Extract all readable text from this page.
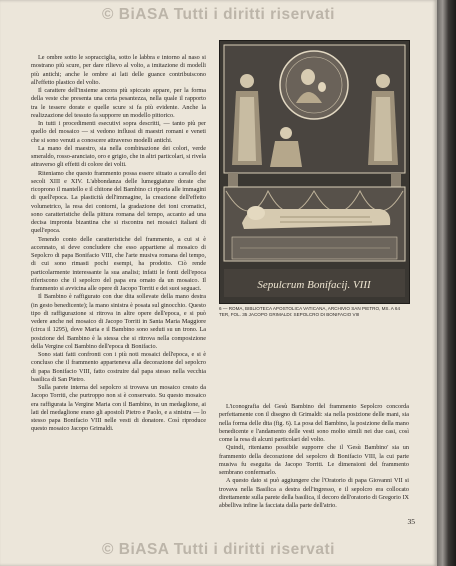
© BiASA Tutti i diritti riservati

Le ombre sotto le sopracciglia, sotto le labbra e intorno al naso si mostrano più scure, per dare rilievo al volto, a imitazione di modelli più antichi; anche le ombre ai lati delle guance contribuiscono all'effetto plastico del volto.

Il carattere dell'insieme ancora più spiccato appare, per la forma della veste che presenta una certa pesantezza, nella quale il rapporto tra le tessere dorate e quelle scure si fa più evidente. Anche la realizzazione del tessuto fa supporre un modello pittorico.

In tutti i procedimenti esecutivi sopra descritti, — tanto più per quello del mosaico — si vedono influssi di maestri romani e veneti che si sono venuti a conoscere attraverso modelli antichi.

La mano del maestro, sia nella combinazione dei colori, verde smeraldo, rosso-aranciato, oro e grigio, che in altri particolari, si rivela attraverso gli effetti di colore dei volti.

Riteniamo che questo frammento possa essere situato a cavallo dei secoli XIII e XIV. L'abbondanza delle lumeggiature dorate che ricoprono il mantello e il chitone del Bambino ci riporta alle immagini di quell'epoca. La plasticità dell'immagine, la creazione dell'effetto volumetrico, la resa dei contorni, la gradazione dei toni cromatici, sono caratteristiche della pittura romana del tempo, accanto ad una decisa impronta bizantina che si riscontra nei mosaici italiani di quell'epoca.

Tenendo conto delle caratteristiche del frammento, a cui si è accennato, si deve concludere che esso appartiene al mosaico di Sepolcro di papa Bonifacio VIII, che l'arte musiva romana del tempo, di cui sono rimasti pochi esempi, ha prodotto. Ciò rende particolarmente interessante la sua analisi; infatti le fonti dell'epoca riferiscono che il sepolcro del papa era ornato da un mosaico. Il frammento si avvicina alle opere di Jacopo Torriti e dei suoi seguaci.

Il Bambino è raffigurato con due dita sollevate della mano destra (in gesto benedicente); la mano sinistra è posata sul ginocchio. Questo tipo di raffigurazione si ritrova in altre opere dell'epoca, e si può vedere anche nel mosaico di Jacopo Torriti in Santa Maria Maggiore (circa il 1295), dove Maria e il Bambino sono seduti su un trono. La posizione del Bambino è la stessa che si ritrova nella composizione della Vergine col Bambino dell'epoca di Bonifacio.

Sono stati fatti confronti con i più noti mosaici dell'epoca, e si è concluso che il frammento apparteneva alla decorazione del sepolcro di papa Bonifacio VIII, fatto costruire dal papa stesso nella vecchia basilica di San Pietro.

Sulla parete interna del sepolcro si trovava un mosaico creato da Jacopo Torriti, che purtroppo non si è conservato. Su questo mosaico era raffigurata la Vergine Maria con il Bambino, in un medaglione, ai lati del medaglione erano gli apostoli Pietro e Paolo, e a sinistra — lo stesso papa Bonifacio VIII nelle vesti di donatore. Così riproduce questo mosaico Jacopo Grimaldi.

Sepulcrum Bonifacij. VIII
6 — ROMA, BIBLIOTECA APOSTOLICA VATICANA, ARCHIVIO SAN PIETRO, MS. A 64 TER, FOL. 35 JACOPO GRIMALDI: SEPOLCRO DI BONIFACIO VIII

L'iconografia del Gesù Bambino del frammento Sepolcro concorda perfettamente con il disegno di Grimaldi: sia nella posizione delle mani, sia nella forma delle dita (fig. 6). La posa del Bambino, la posizione della mano benedicente e l'andamento delle vesti sono molto simili nei due casi, così come la resa di alcuni particolari del volto.

Quindi, riteniamo possibile supporre che il 'Gesù Bambino' sia un frammento della decorazione del sepolcro di Bonifacio VIII, la cui parte musiva fu eseguita da Jacopo Torriti. Le dimensioni del frammento sembrano confermarlo.

A questo dato si può aggiungere che l'Oratorio di papa Giovanni VII si trovava nella Basilica a destra dell'ingresso, e il sepolcro era collocato direttamente sulla parete della basilica, il decoro dell'oratorio di Gregorio IX abbelliva infine la facciata dalla parte dell'atrio.

35
© BiASA Tutti i diritti riservati
